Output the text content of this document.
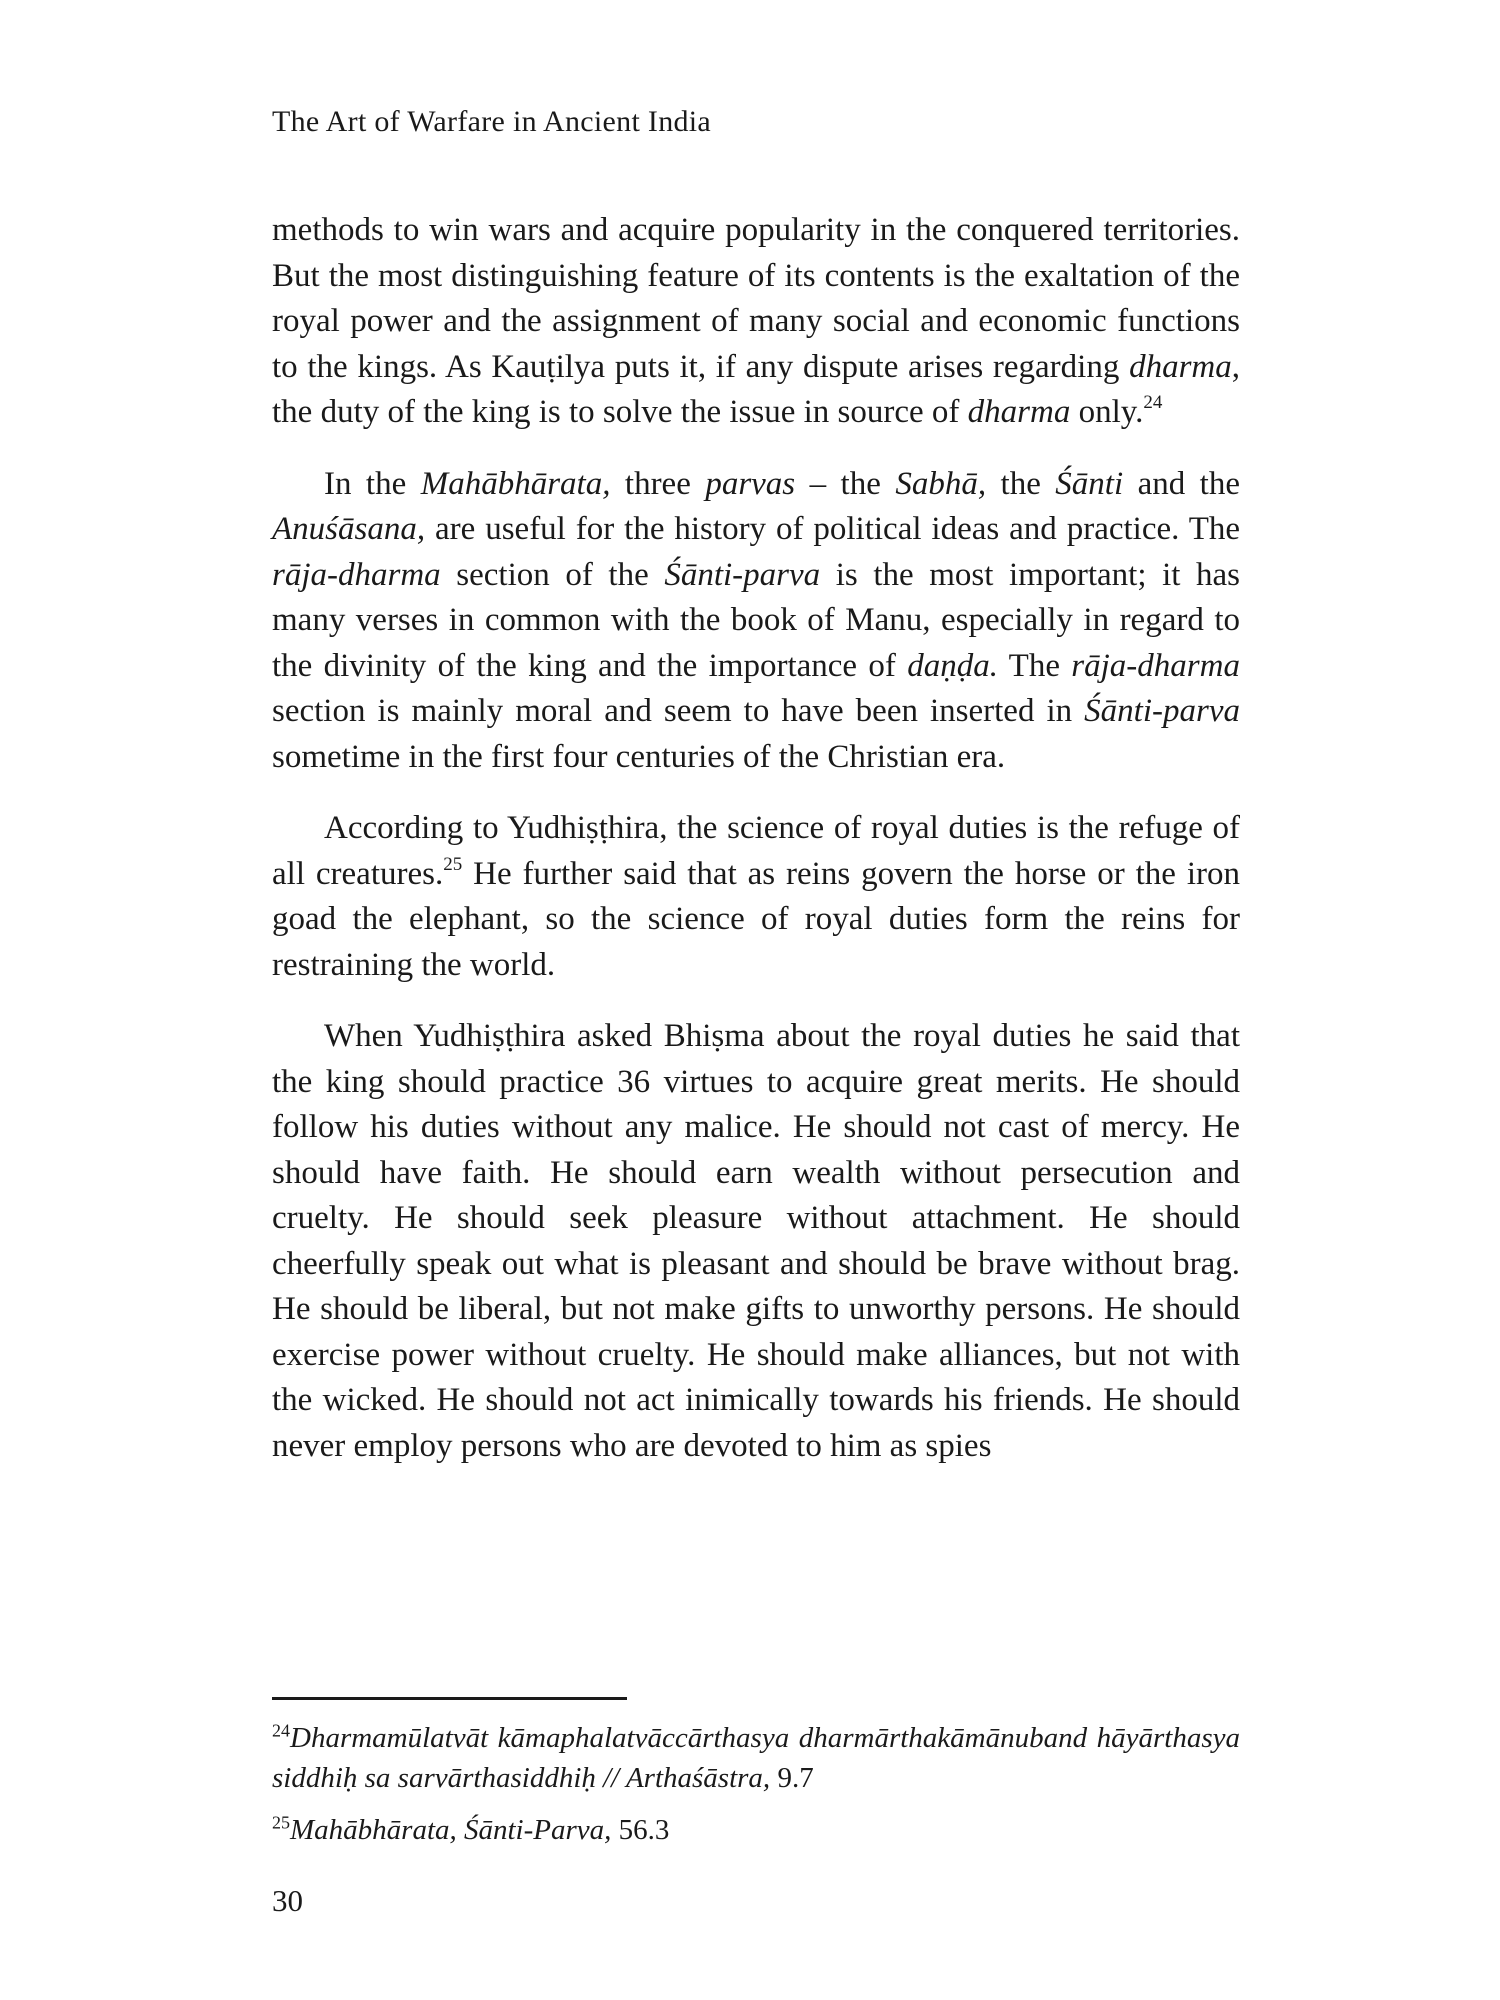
The Art of Warfare in Ancient India

methods to win wars and acquire popularity in the conquered territories. But the most distinguishing feature of its contents is the exaltation of the royal power and the assignment of many social and economic functions to the kings. As Kauṭilya puts it, if any dispute arises regarding dharma, the duty of the king is to solve the issue in source of dharma only.$^{24}$

In the Mahābhārata, three parvas – the Sabhā, the Śānti and the Anuśāsana, are useful for the history of political ideas and practice. The rāja-dharma section of the Śānti-parva is the most important; it has many verses in common with the book of Manu, especially in regard to the divinity of the king and the importance of daṇḍa. The rāja-dharma section is mainly moral and seem to have been inserted in Śānti-parva sometime in the first four centuries of the Christian era.

According to Yudhiṣṭhira, the science of royal duties is the refuge of all creatures.$^{25}$ He further said that as reins govern the horse or the iron goad the elephant, so the science of royal duties form the reins for restraining the world.

When Yudhiṣṭhira asked Bhiṣma about the royal duties he said that the king should practice 36 virtues to acquire great merits. He should follow his duties without any malice. He should not cast of mercy. He should have faith. He should earn wealth without persecution and cruelty. He should seek pleasure without attachment. He should cheerfully speak out what is pleasant and should be brave without brag. He should be liberal, but not make gifts to unworthy persons. He should exercise power without cruelty. He should make alliances, but not with the wicked. He should not act inimically towards his friends. He should never employ persons who are devoted to him as spies

$^{24}$Dharmamūlatvāt kāmaphalatvāccārthasya dharmārthakāmānuband hāyārthasya siddhiḥ sa sarvārthasiddhiḥ // Arthaśāstra, 9.7

$^{25}$Mahābhārata, Śānti-Parva, 56.3

30
